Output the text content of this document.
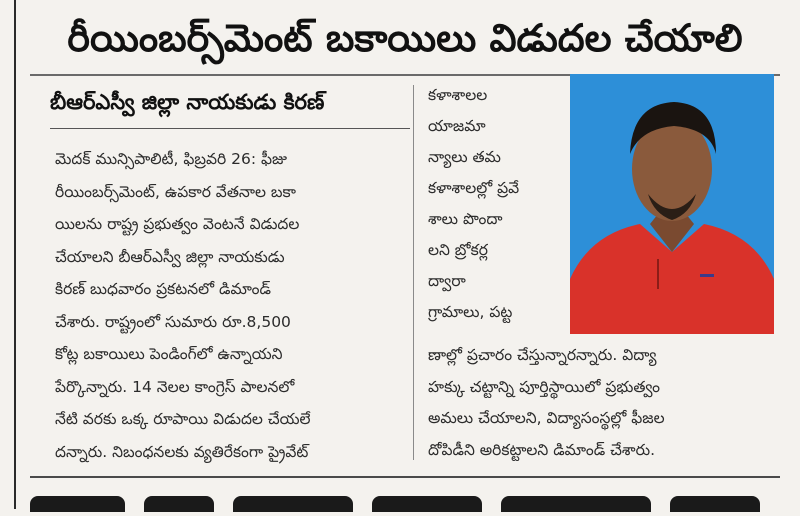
రీయింబర్స్‌మెంట్ బకాయిలు విడుదల చేయాలి
బీఆర్ఎస్వీ జిల్లా నాయకుడు కిరణ్
మెదక్ మున్సిపాలిటీ, ఫిబ్రవరి 26: ఫీజు
రీయింబర్స్‌మెంట్, ఉపకార వేతనాల బకా
యిలను రాష్ట్ర ప్రభుత్వం వెంటనే విడుదల
చేయాలని బీఆర్ఎస్వీ జిల్లా నాయకుడు
కిరణ్ బుధవారం ప్రకటనలో డిమాండ్
చేశారు. రాష్ట్రంలో సుమారు రూ.8,500
కోట్ల బకాయిలు పెండింగ్‌లో ఉన్నాయని
పేర్కొన్నారు. 14 నెలల కాంగ్రెస్ పాలనలో
నేటి వరకు ఒక్క రూపాయి విడుదల చేయలే
దన్నారు. నిబంధనలకు వ్యతిరేకంగా ప్రైవేట్
కళాశాలల
యాజమా
న్యాలు తమ
కళాశాలల్లో ప్రవే
శాలు పొందా
లని బ్రోకర్ల
ద్వారా
గ్రామాలు, పట్ట
ణాల్లో ప్రచారం చేస్తున్నారన్నారు. విద్యా
హక్కు చట్టాన్ని పూర్తిస్థాయిలో ప్రభుత్వం
అమలు చేయాలని, విద్యాసంస్థల్లో ఫీజల
దోపిడీని అరికట్టాలని డిమాండ్ చేశారు.
